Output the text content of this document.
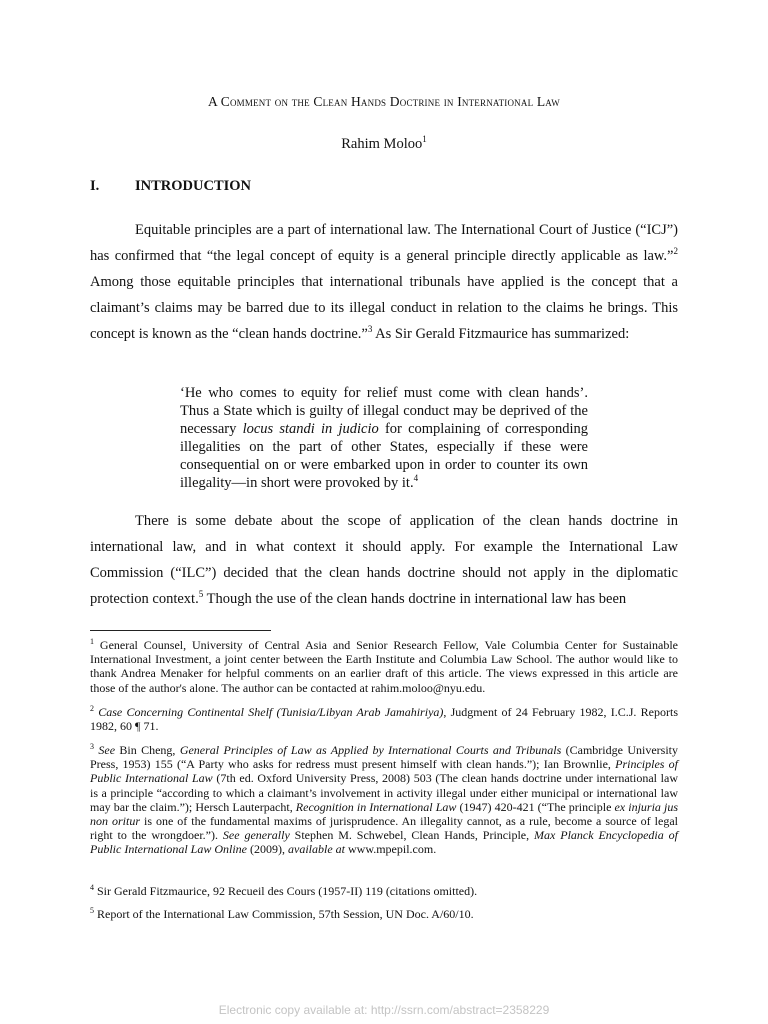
A Comment on the Clean Hands Doctrine in International Law
Rahim Moloo$^1$
I. INTRODUCTION

Equitable principles are a part of international law. The International Court of Justice (“ICJ”) has confirmed that “the legal concept of equity is a general principle directly applicable as law.”$^2$ Among those equitable principles that international tribunals have applied is the concept that a claimant’s claims may be barred due to its illegal conduct in relation to the claims he brings. This concept is known as the “clean hands doctrine.”$^3$ As Sir Gerald Fitzmaurice has summarized:

‘He who comes to equity for relief must come with clean hands’. Thus a State which is guilty of illegal conduct may be deprived of the necessary locus standi in judicio for complaining of corresponding illegalities on the part of other States, especially if these were consequential on or were embarked upon in order to counter its own illegality—in short were provoked by it.$^4$

There is some debate about the scope of application of the clean hands doctrine in international law, and in what context it should apply. For example the International Law Commission (“ILC”) decided that the clean hands doctrine should not apply in the diplomatic protection context.$^5$ Though the use of the clean hands doctrine in international law has been

$^1$ General Counsel, University of Central Asia and Senior Research Fellow, Vale Columbia Center for Sustainable International Investment, a joint center between the Earth Institute and Columbia Law School. The author would like to thank Andrea Menaker for helpful comments on an earlier draft of this article. The views expressed in this article are those of the author's alone. The author can be contacted at rahim.moloo@nyu.edu.
$^2$ Case Concerning Continental Shelf (Tunisia/Libyan Arab Jamahiriya), Judgment of 24 February 1982, I.C.J. Reports 1982, 60 ¶ 71.
$^3$ See Bin Cheng, General Principles of Law as Applied by International Courts and Tribunals (Cambridge University Press, 1953) 155 (“A Party who asks for redress must present himself with clean hands.”); Ian Brownlie, Principles of Public International Law (7th ed. Oxford University Press, 2008) 503 (The clean hands doctrine under international law is a principle “according to which a claimant’s involvement in activity illegal under either municipal or international law may bar the claim.”); Hersch Lauterpacht, Recognition in International Law (1947) 420-421 (“The principle ex injuria jus non oritur is one of the fundamental maxims of jurisprudence. An illegality cannot, as a rule, become a source of legal right to the wrongdoer.”). See generally Stephen M. Schwebel, Clean Hands, Principle, Max Planck Encyclopedia of Public International Law Online (2009), available at www.mpepil.com.
$^4$ Sir Gerald Fitzmaurice, 92 Recueil des Cours (1957-II) 119 (citations omitted).
$^5$ Report of the International Law Commission, 57th Session, UN Doc. A/60/10.
Electronic copy available at: http://ssrn.com/abstract=2358229
